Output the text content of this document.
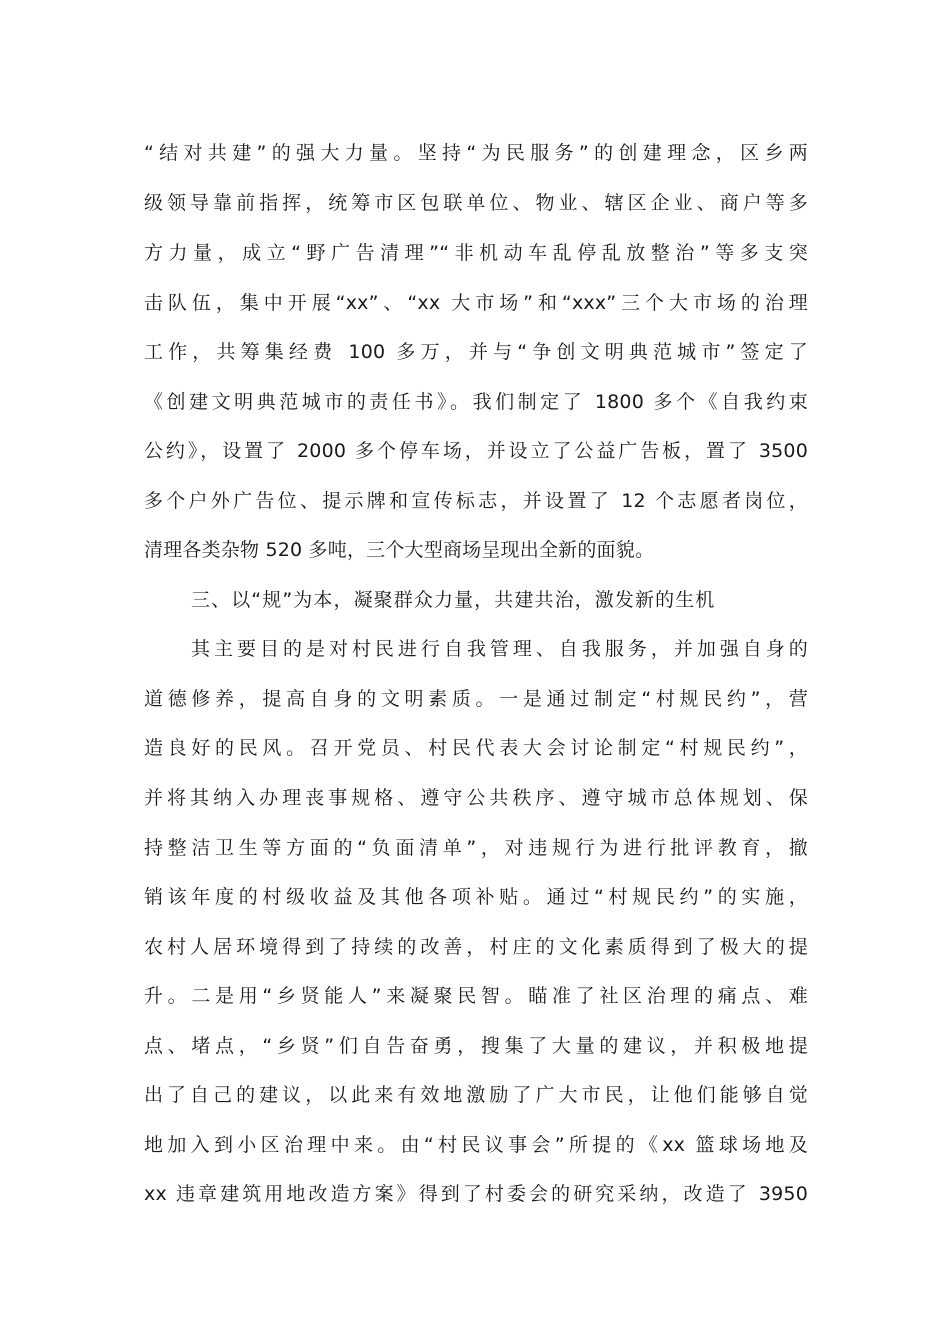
“结对共建”的强大力量。坚持“为民服务”的创建理念，区乡两
级领导靠前指挥，统筹市区包联单位、物业、辖区企业、商户等多
方力量，成立“野广告清理”“非机动车乱停乱放整治”等多支突
击队伍，集中开展“xx”、“xx 大市场”和“xxx”三个大市场的治理
工作，共筹集经费 100 多万，并与“争创文明典范城市”签定了
《创建文明典范城市的责任书》。我们制定了 1800 多个《自我约束
公约》，设置了 2000 多个停车场，并设立了公益广告板，置了 3500
多个户外广告位、提示牌和宣传标志，并设置了 12 个志愿者岗位，
清理各类杂物 520 多吨，三个大型商场呈现出全新的面貌。
三、以“规”为本，凝聚群众力量，共建共治，激发新的生机
其主要目的是对村民进行自我管理、自我服务，并加强自身的
道德修养，提高自身的文明素质。一是通过制定“村规民约”，营
造良好的民风。召开党员、村民代表大会讨论制定“村规民约”，
并将其纳入办理丧事规格、遵守公共秩序、遵守城市总体规划、保
持整洁卫生等方面的“负面清单”，对违规行为进行批评教育，撤
销该年度的村级收益及其他各项补贴。通过“村规民约”的实施，
农村人居环境得到了持续的改善，村庄的文化素质得到了极大的提
升。二是用“乡贤能人”来凝聚民智。瞄准了社区治理的痛点、难
点、堵点，“乡贤”们自告奋勇，搜集了大量的建议，并积极地提
出了自己的建议，以此来有效地激励了广大市民，让他们能够自觉
地加入到小区治理中来。由“村民议事会”所提的《xx 篮球场地及
xx 违章建筑用地改造方案》得到了村委会的研究采纳，改造了 3950
